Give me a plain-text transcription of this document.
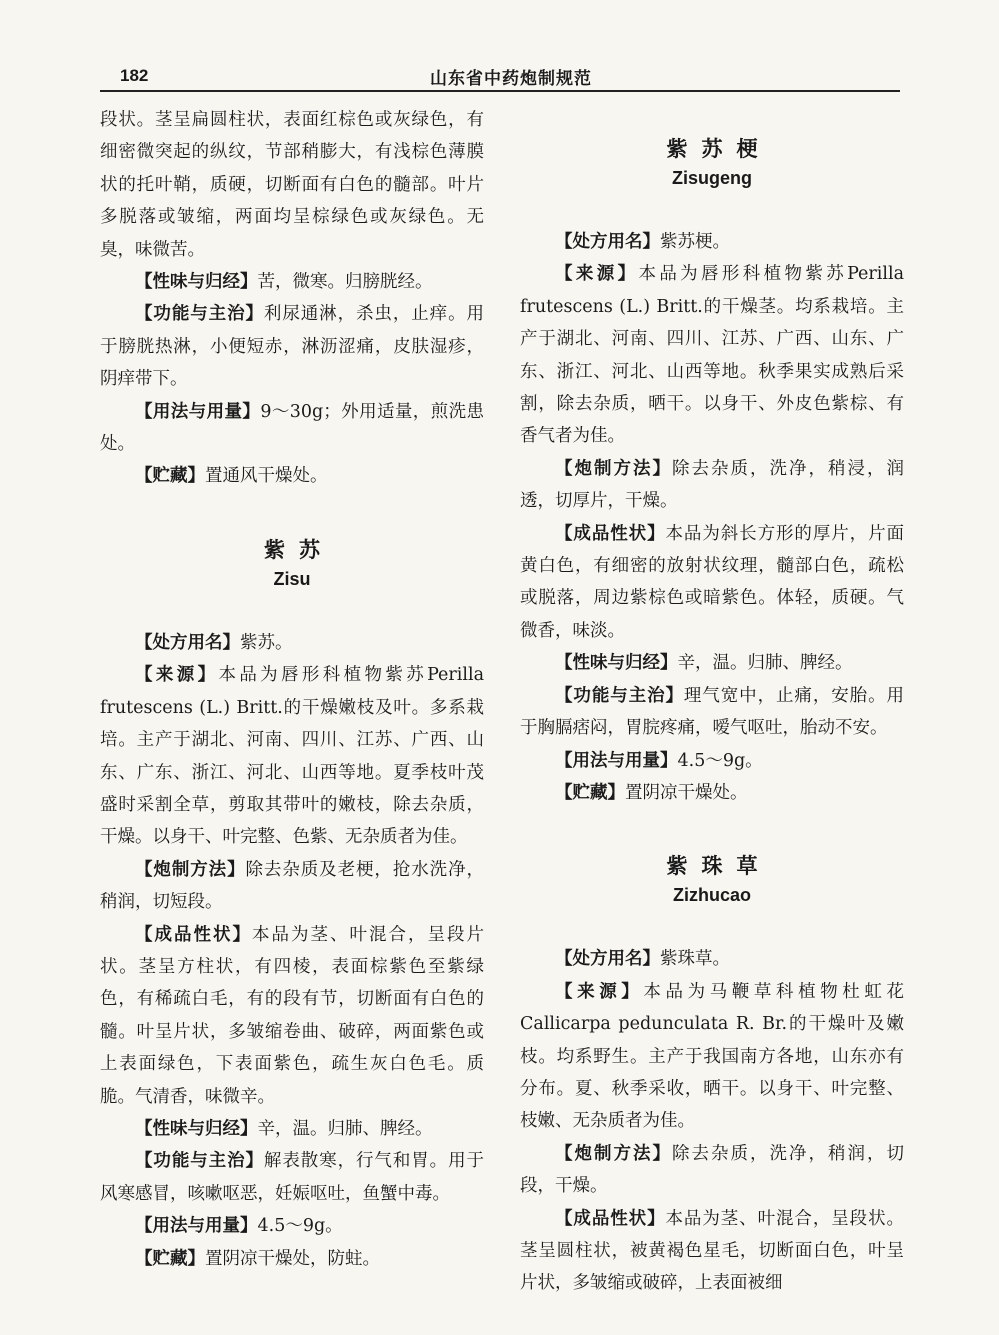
182	山东省中药炮制规范

段状。茎呈扁圆柱状，表面红棕色或灰绿色，有细密微突起的纵纹，节部稍膨大，有浅棕色薄膜状的托叶鞘，质硬，切断面有白色的髓部。叶片多脱落或皱缩，两面均呈棕绿色或灰绿色。无臭，味微苦。

【性味与归经】苦，微寒。归膀胱经。

【功能与主治】利尿通淋，杀虫，止痒。用于膀胱热淋，小便短赤，淋沥涩痛，皮肤湿疹，阴痒带下。

【用法与用量】9～30g；外用适量，煎洗患处。

【贮藏】置通风干燥处。

紫苏

Zisu

【处方用名】紫苏。

【来源】本品为唇形科植物紫苏Perilla frutescens (L.) Britt.的干燥嫩枝及叶。多系栽培。主产于湖北、河南、四川、江苏、广西、山东、广东、浙江、河北、山西等地。夏季枝叶茂盛时采割全草，剪取其带叶的嫩枝，除去杂质，干燥。以身干、叶完整、色紫、无杂质者为佳。

【炮制方法】除去杂质及老梗，抢水洗净，稍润，切短段。

【成品性状】本品为茎、叶混合，呈段片状。茎呈方柱状，有四棱，表面棕紫色至紫绿色，有稀疏白毛，有的段有节，切断面有白色的髓。叶呈片状，多皱缩卷曲、破碎，两面紫色或上表面绿色，下表面紫色，疏生灰白色毛。质脆。气清香，味微辛。

【性味与归经】辛，温。归肺、脾经。

【功能与主治】解表散寒，行气和胃。用于风寒感冒，咳嗽呕恶，妊娠呕吐，鱼蟹中毒。

【用法与用量】4.5～9g。

【贮藏】置阴凉干燥处，防蛀。

紫苏梗

Zisugeng

【处方用名】紫苏梗。

【来源】本品为唇形科植物紫苏Perilla frutescens (L.) Britt.的干燥茎。均系栽培。主产于湖北、河南、四川、江苏、广西、山东、广东、浙江、河北、山西等地。秋季果实成熟后采割，除去杂质，晒干。以身干、外皮色紫棕、有香气者为佳。

【炮制方法】除去杂质，洗净，稍浸，润透，切厚片，干燥。

【成品性状】本品为斜长方形的厚片，片面黄白色，有细密的放射状纹理，髓部白色，疏松或脱落，周边紫棕色或暗紫色。体轻，质硬。气微香，味淡。

【性味与归经】辛，温。归肺、脾经。

【功能与主治】理气宽中，止痛，安胎。用于胸膈痞闷，胃脘疼痛，嗳气呕吐，胎动不安。

【用法与用量】4.5～9g。

【贮藏】置阴凉干燥处。

紫珠草

Zizhucao

【处方用名】紫珠草。

【来源】本品为马鞭草科植物杜虹花Callicarpa pedunculata R. Br.的干燥叶及嫩枝。均系野生。主产于我国南方各地，山东亦有分布。夏、秋季采收，晒干。以身干、叶完整、枝嫩、无杂质者为佳。

【炮制方法】除去杂质，洗净，稍润，切段，干燥。

【成品性状】本品为茎、叶混合，呈段状。茎呈圆柱状，被黄褐色星毛，切断面白色，叶呈片状，多皱缩或破碎，上表面被细
